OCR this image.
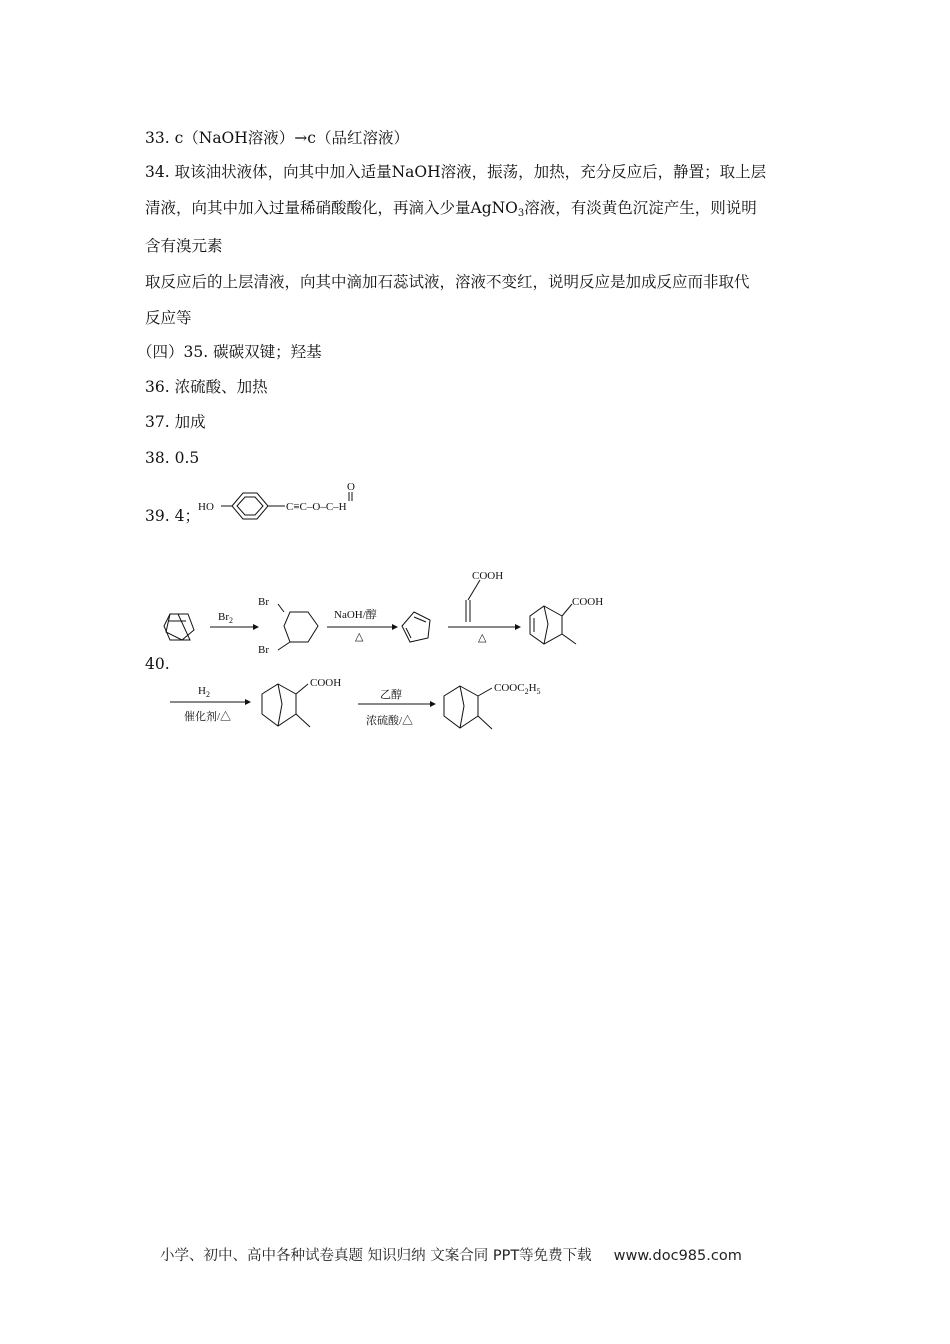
33. c（NaOH溶液）→c（品红溶液）
34. 取该油状液体，向其中加入适量NaOH溶液，振荡，加热，充分反应后，静置；取上层
清液，向其中加入过量稀硝酸酸化，再滴入少量AgNO$_3$溶液，有淡黄色沉淀产生，则说明
含有溴元素
取反应后的上层清液，向其中滴加石蕊试液，溶液不变红，说明反应是加成反应而非取代
反应等
（四）35. 碳碳双键；羟基
36. 浓硫酸、加热
37. 加成
38. 0.5
39. 4；
40.
HO	C≡C–O–C–H
O
$Br_2$
Br
Br
NaOH/醇
△
COOH
△
COOH
$H_2$
催化剂/△
COOH
乙醇
浓硫酸/△
$COOC_2H_5$
小学、初中、高中各种试卷真题 知识归纳 文案合同 PPT等免费下载 www.doc985.com
